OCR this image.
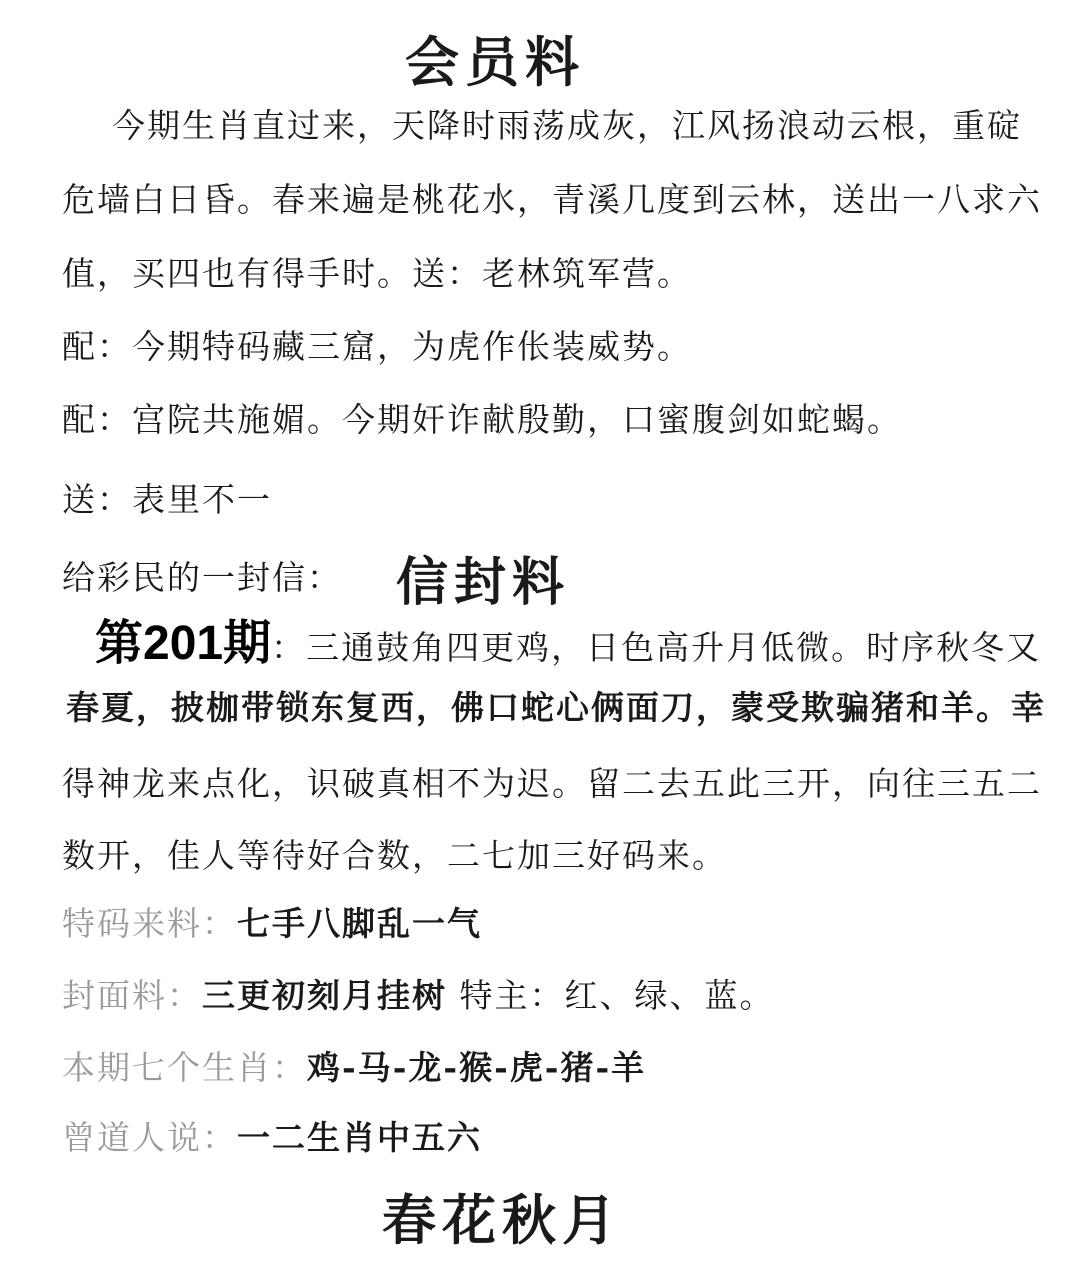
会员料
今期生肖直过来，天降时雨荡成灰，江风扬浪动云根，重碇
危墙白日昏。春来遍是桃花水，青溪几度到云林，送出一八求六
值，买四也有得手时。送：老林筑军营。
配：今期特码藏三窟，为虎作伥装威势。
配：宫院共施媚。今期奸诈献殷勤，口蜜腹剑如蛇蝎。
送：表里不一
给彩民的一封信：	信封料
第201期：三通鼓角四更鸡，日色高升月低微。时序秋冬又
春夏，披枷带锁东复西，佛口蛇心俩面刀，蒙受欺骗猪和羊。幸
得神龙来点化，识破真相不为迟。留二去五此三开，向往三五二
数开，佳人等待好合数，二七加三好码来。
特码来料：七手八脚乱一气
封面料：三更初刻月挂树 特主：红、绿、蓝。
本期七个生肖：鸡-马-龙-猴-虎-猪-羊
曾道人说：一二生肖中五六
春花秋月
